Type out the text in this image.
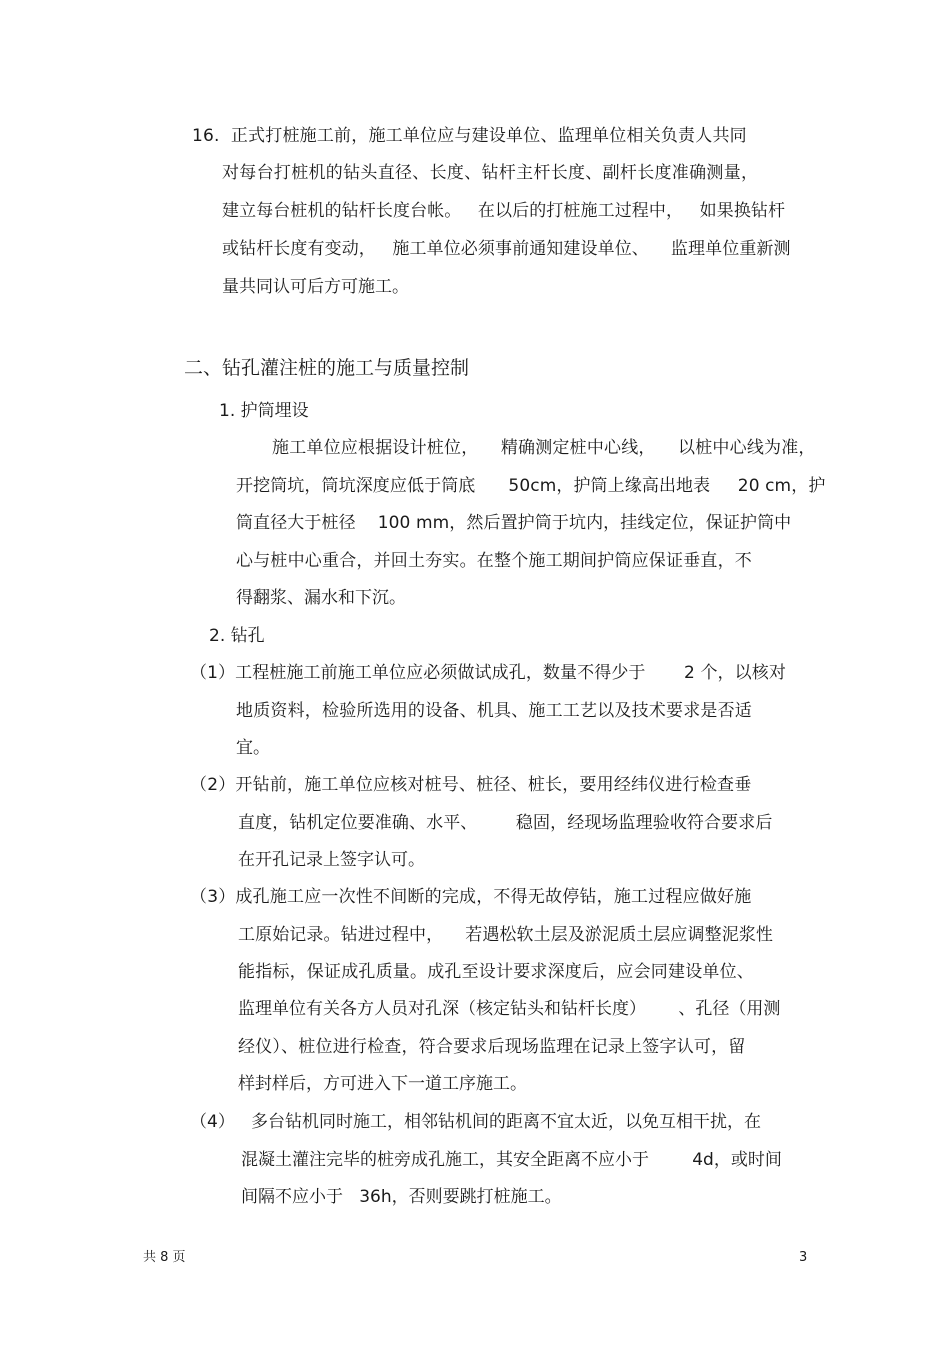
16.  正式打桩施工前，施工单位应与建设单位、监理单位相关负责人共同
对每台打桩机的钻头直径、长度、钻杆主杆长度、副杆长度准确测量，
建立每台桩机的钻杆长度台帐。   在以后的打桩施工过程中，   如果换钻杆
或钻杆长度有变动，   施工单位必须事前通知建设单位、    监理单位重新测
量共同认可后方可施工。
二、钻孔灌注桩的施工与质量控制
1. 护筒埋设
施工单位应根据设计桩位，    精确测定桩中心线，    以桩中心线为准，
开挖筒坑，筒坑深度应低于筒底      50cm，护筒上缘高出地表     20 cm，护
筒直径大于桩径    100 mm，然后置护筒于坑内，挂线定位，保证护筒中
心与桩中心重合，并回土夯实。在整个施工期间护筒应保证垂直，不
得翻浆、漏水和下沉。
2. 钻孔
（1）工程桩施工前施工单位应必须做试成孔，数量不得少于       2 个，以核对
地质资料，检验所选用的设备、机具、施工工艺以及技术要求是否适
宜。
（2）开钻前，施工单位应核对桩号、桩径、桩长，要用经纬仪进行检查垂
直度，钻机定位要准确、水平、       稳固，经现场监理验收符合要求后
在开孔记录上签字认可。
（3）成孔施工应一次性不间断的完成，不得无故停钻，施工过程应做好施
工原始记录。钻进过程中，    若遇松软土层及淤泥质土层应调整泥浆性
能指标，保证成孔质量。成孔至设计要求深度后，应会同建设单位、
监理单位有关各方人员对孔深（核定钻头和钻杆长度）      、孔径（用测
经仪）、桩位进行检查，符合要求后现场监理在记录上签字认可，留
样封样后，方可进入下一道工序施工。
（4）   多台钻机同时施工，相邻钻机间的距离不宜太近，以免互相干扰，在
混凝土灌注完毕的桩旁成孔施工，其安全距离不应小于        4d，或时间
间隔不应小于   36h，否则要跳打桩施工。
共 8 页	3
